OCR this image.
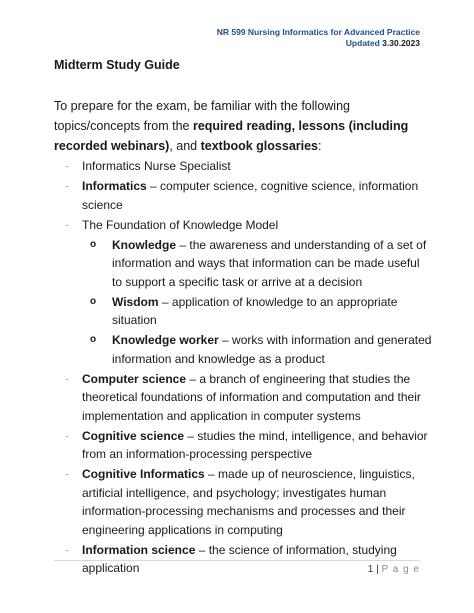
NR 599 Nursing Informatics for Advanced Practice
Updated 3.30.2023
Midterm Study Guide
To prepare for the exam, be familiar with the following topics/concepts from the required reading, lessons (including recorded webinars), and textbook glossaries:
· Informatics Nurse Specialist
· Informatics – computer science, cognitive science, information science
· The Foundation of Knowledge Model
o Knowledge – the awareness and understanding of a set of information and ways that information can be made useful to support a specific task or arrive at a decision
o Wisdom – application of knowledge to an appropriate situation
o Knowledge worker – works with information and generated information and knowledge as a product
· Computer science – a branch of engineering that studies the theoretical foundations of information and computation and their implementation and application in computer systems
· Cognitive science – studies the mind, intelligence, and behavior from an information-processing perspective
· Cognitive Informatics – made up of neuroscience, linguistics, artificial intelligence, and psychology; investigates human information-processing mechanisms and processes and their engineering applications in computing
· Information science – the science of information, studying application	1 | P a g e
